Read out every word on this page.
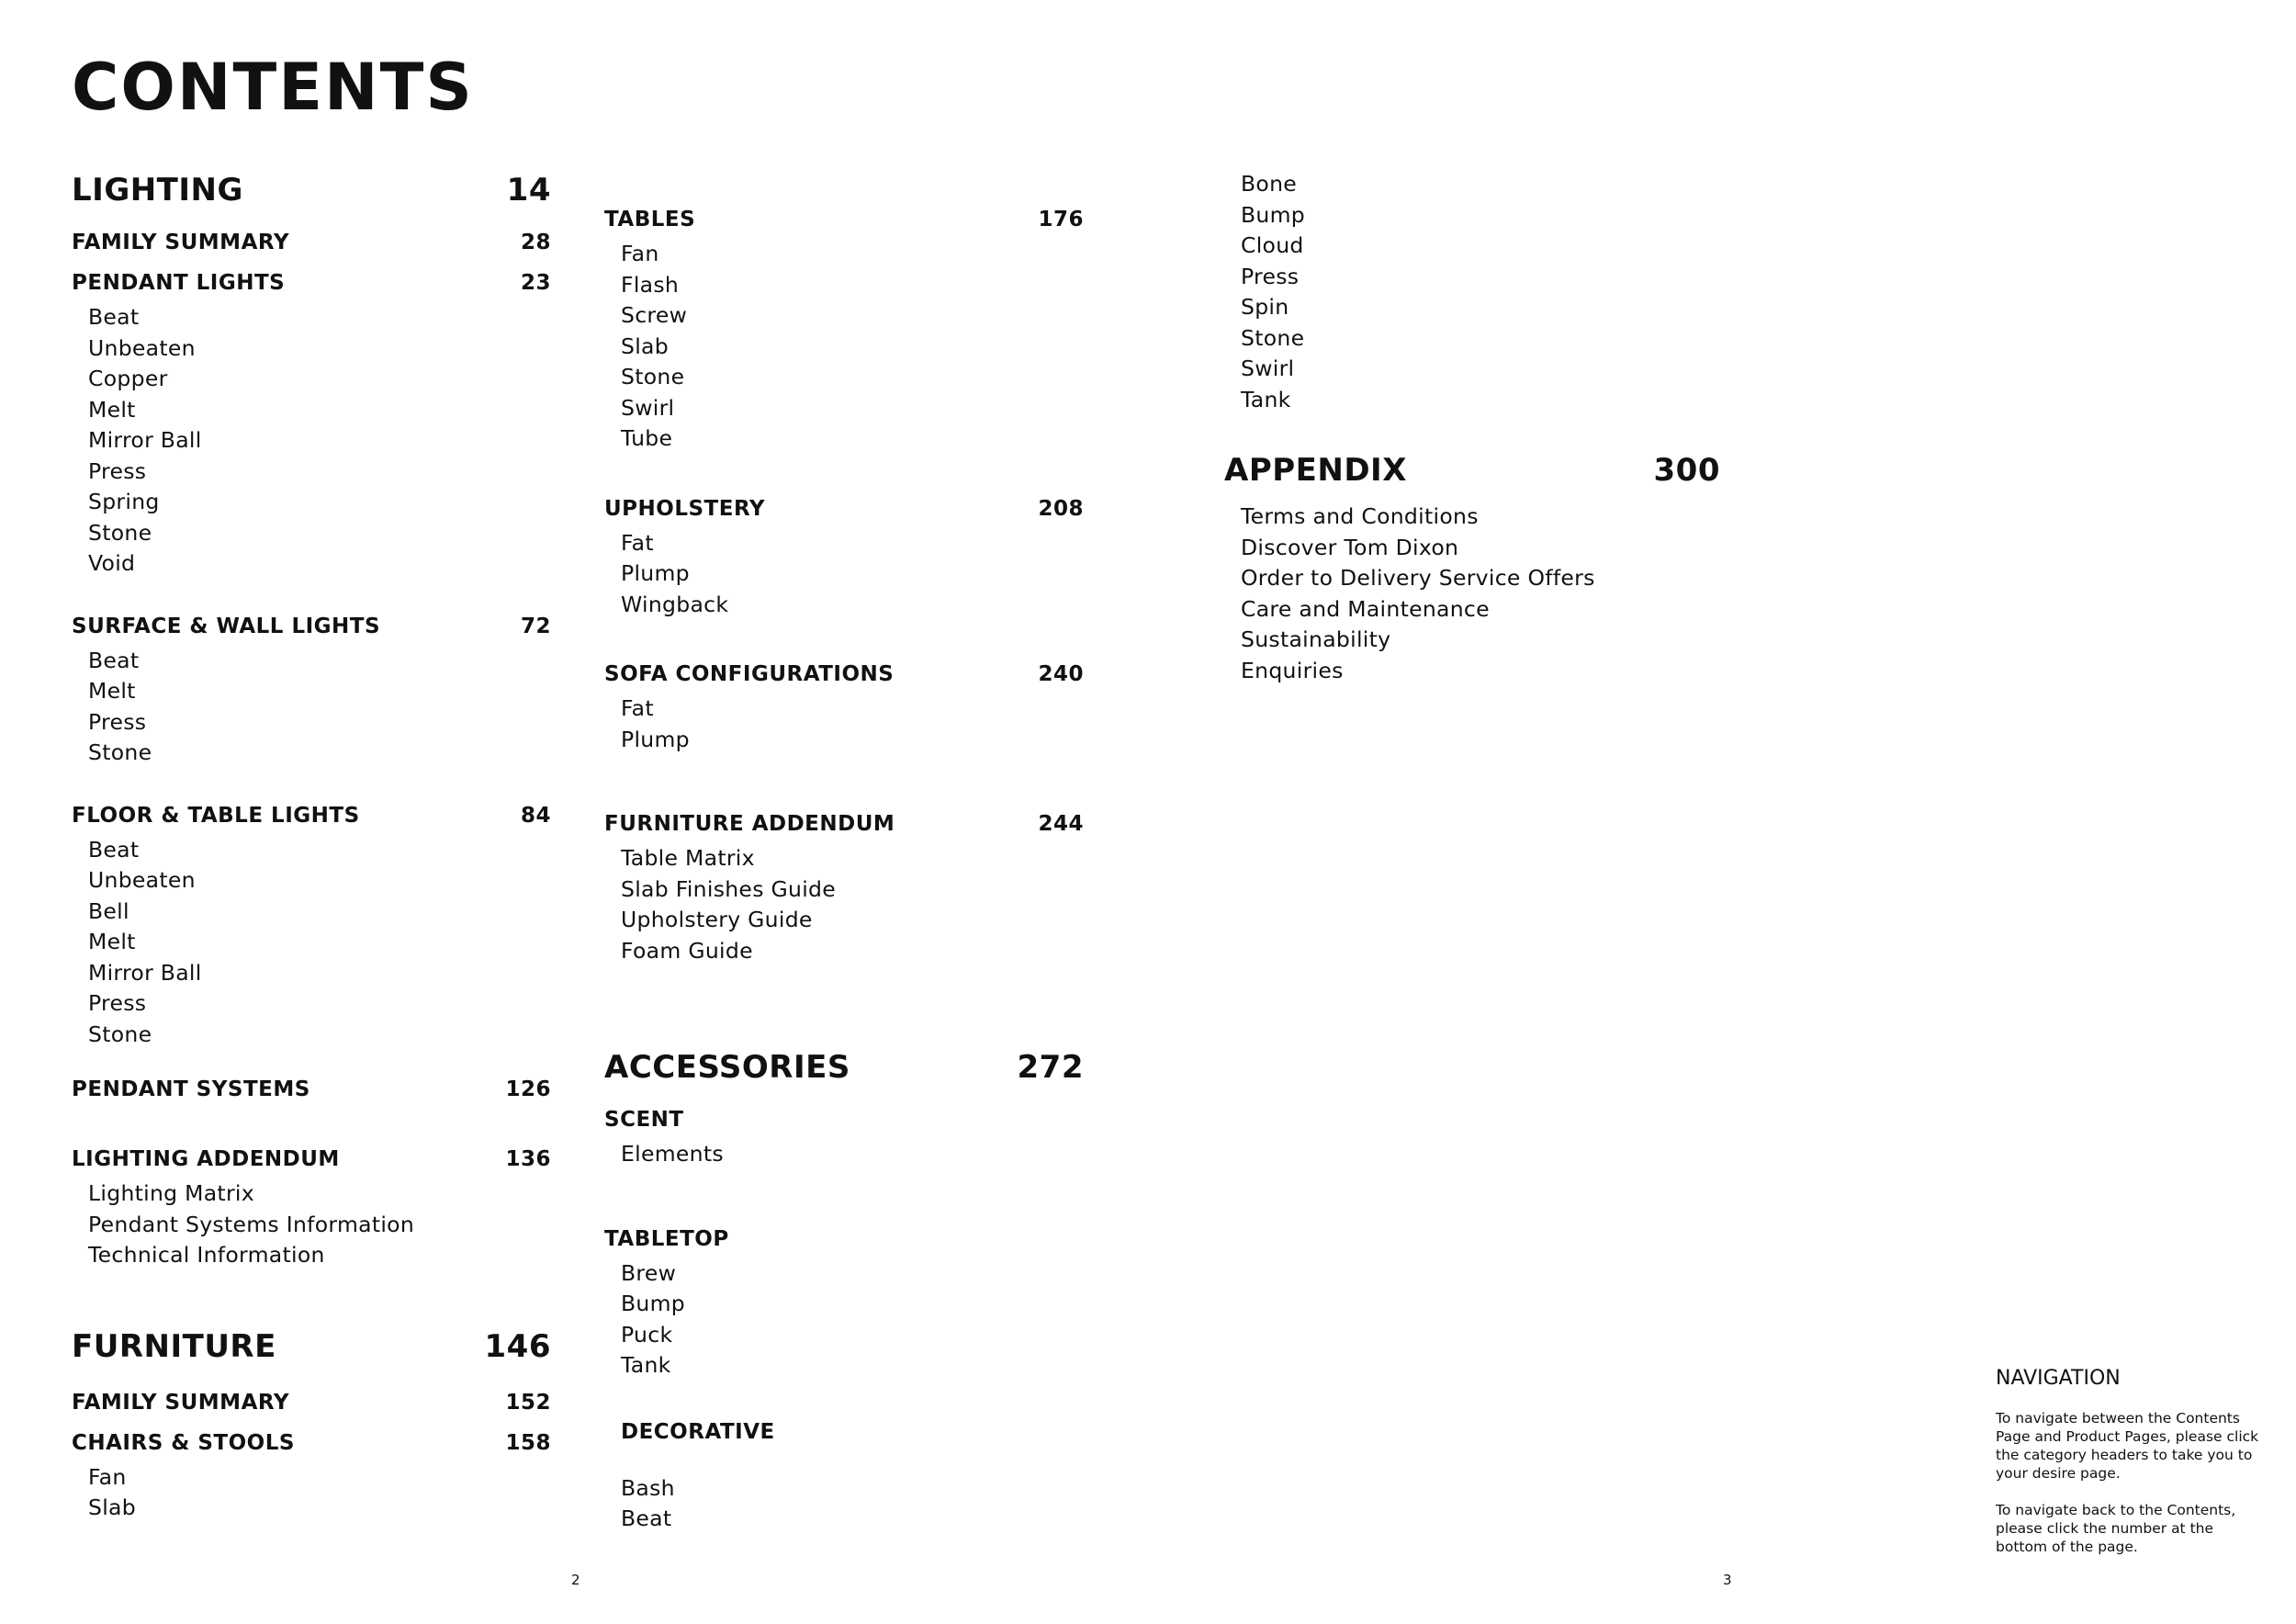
CONTENTS
LIGHTING	14
FAMILY SUMMARY	28
PENDANT LIGHTS	23
Beat
Unbeaten
Copper
Melt
Mirror Ball
Press
Spring
Stone
Void
SURFACE & WALL LIGHTS	72
Beat
Melt
Press
Stone
FLOOR & TABLE LIGHTS	84
Beat
Unbeaten
Bell
Melt
Mirror Ball
Press
Stone
PENDANT SYSTEMS	126
LIGHTING ADDENDUM	136
Lighting Matrix
Pendant Systems Information
Technical Information
FURNITURE	146
FAMILY SUMMARY	152
CHAIRS & STOOLS	158
Fan
Slab
TABLES	176
Fan
Flash
Screw
Slab
Stone
Swirl
Tube
UPHOLSTERY	208
Fat
Plump
Wingback
SOFA CONFIGURATIONS	240
Fat
Plump
FURNITURE ADDENDUM	244
Table Matrix
Slab Finishes Guide
Upholstery Guide
Foam Guide
ACCESSORIES	272
SCENT
Elements
TABLETOP
Brew
Bump
Puck
Tank
DECORATIVE
Bash
Beat
Bone
Bump
Cloud
Press
Spin
Stone
Swirl
Tank
APPENDIX	300
Terms and Conditions
Discover Tom Dixon
Order to Delivery Service Offers
Care and Maintenance
Sustainability
Enquiries

NAVIGATION

To navigate between the Contents Page and Product Pages, please click the category headers to take you to your desire page.

To navigate back to the Contents, please click the number at the bottom of the page.

2	3
